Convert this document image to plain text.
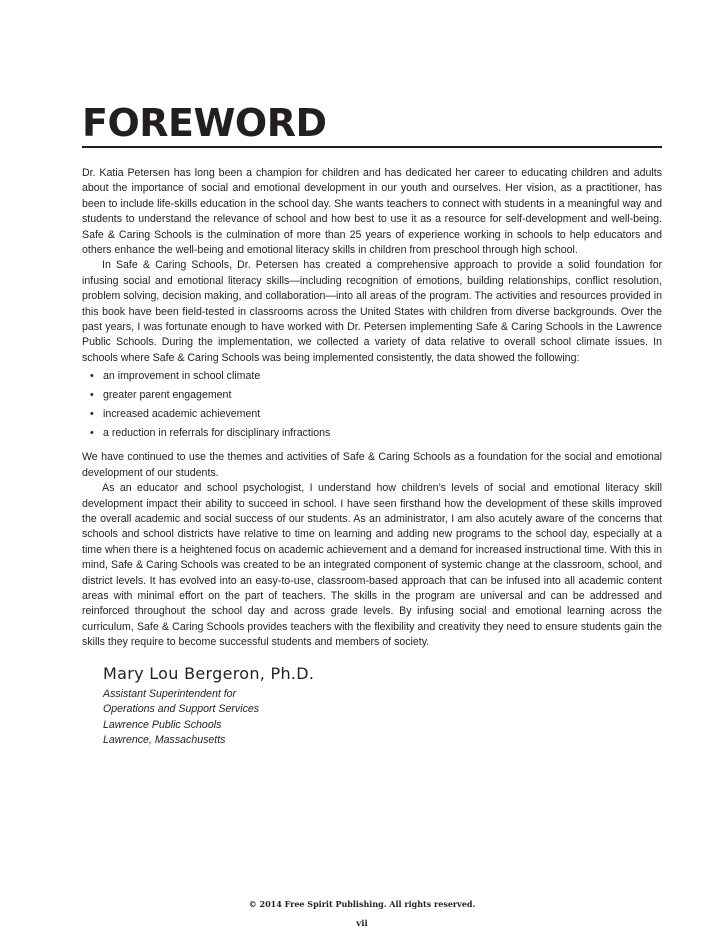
FOREWORD

Dr. Katia Petersen has long been a champion for children and has dedicated her career to educating children and adults about the importance of social and emotional development in our youth and ourselves. Her vision, as a practitioner, has been to include life-skills education in the school day. She wants teachers to connect with students in a meaningful way and students to understand the relevance of school and how best to use it as a resource for self-development and well-being. Safe & Caring Schools is the culmination of more than 25 years of experience working in schools to help educators and others enhance the well-being and emotional literacy skills in children from preschool through high school.

In Safe & Caring Schools, Dr. Petersen has created a comprehensive approach to provide a solid foundation for infusing social and emotional literacy skills—including recognition of emotions, building relationships, conflict resolution, problem solving, decision making, and collaboration—into all areas of the program. The activities and resources provided in this book have been field-tested in classrooms across the United States with children from diverse backgrounds. Over the past years, I was fortunate enough to have worked with Dr. Petersen implementing Safe & Caring Schools in the Lawrence Public Schools. During the implementation, we collected a variety of data relative to overall school climate issues. In schools where Safe & Caring Schools was being implemented consistently, the data showed the following:

• an improvement in school climate
• greater parent engagement
• increased academic achievement
• a reduction in referrals for disciplinary infractions

We have continued to use the themes and activities of Safe & Caring Schools as a foundation for the social and emotional development of our students.

As an educator and school psychologist, I understand how children’s levels of social and emotional literacy skill development impact their ability to succeed in school. I have seen firsthand how the development of these skills improved the overall academic and social success of our students. As an administrator, I am also acutely aware of the concerns that schools and school districts have relative to time on learning and adding new programs to the school day, especially at a time when there is a heightened focus on academic achievement and a demand for increased instructional time. With this in mind, Safe & Caring Schools was created to be an integrated component of systemic change at the classroom, school, and district levels. It has evolved into an easy-to-use, classroom-based approach that can be infused into all academic content areas with minimal effort on the part of teachers. The skills in the program are universal and can be addressed and reinforced throughout the school day and across grade levels. By infusing social and emotional learning across the curriculum, Safe & Caring Schools provides teachers with the flexibility and creativity they need to ensure students gain the skills they require to become successful students and members of society.

Mary Lou Bergeron, Ph.D.

Assistant Superintendent for

Operations and Support Services

Lawrence Public Schools

Lawrence, Massachusetts

© 2014 Free Spirit Publishing. All rights reserved.
vii
